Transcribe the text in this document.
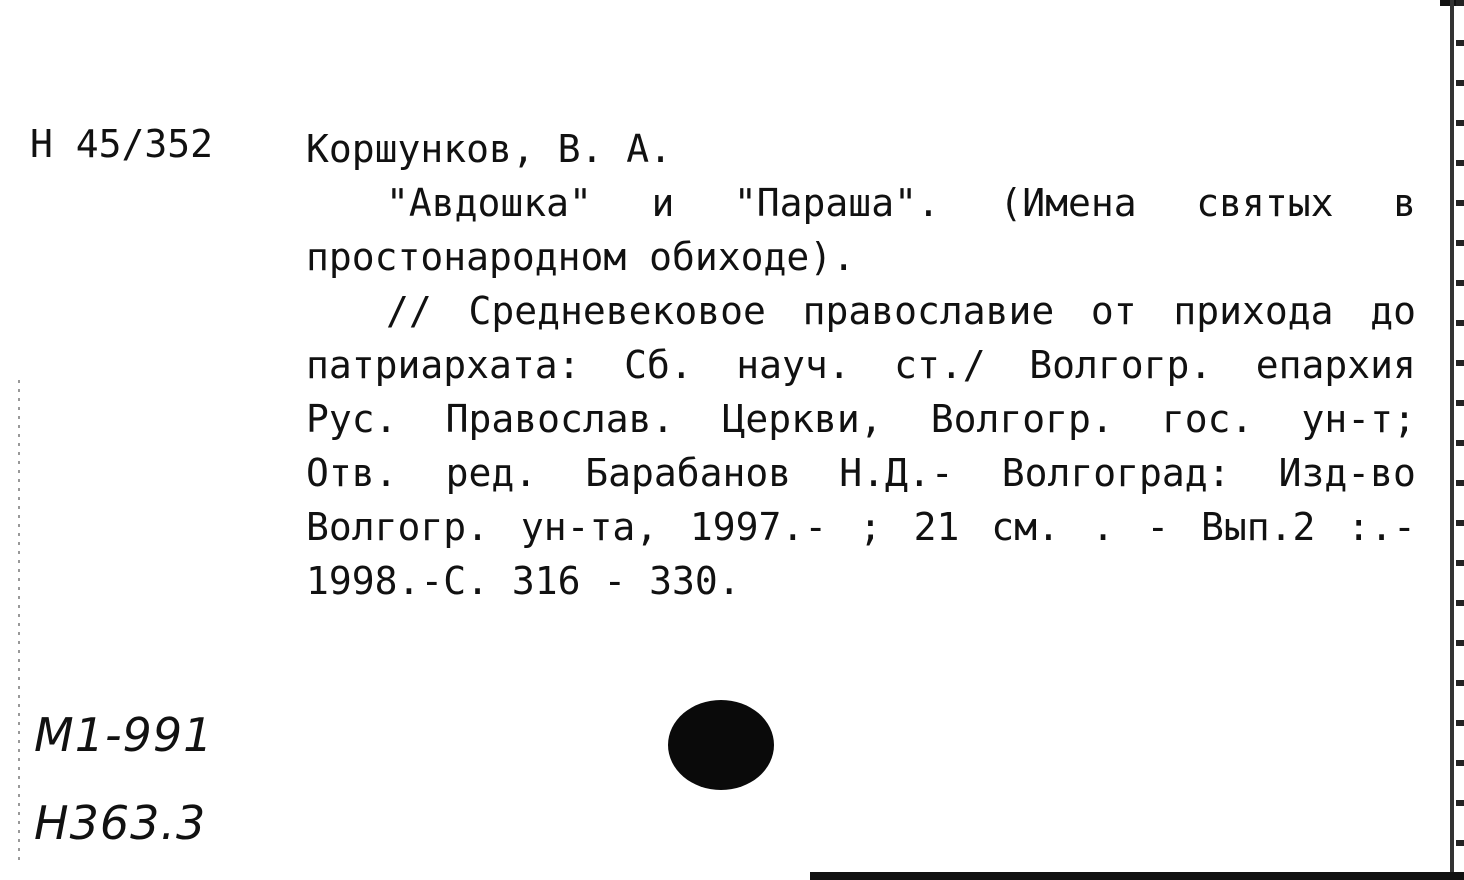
Н 45/352 Коршунков, В. А.
"Авдошка" и "Параша". (Имена святых в
простонародном обиходе).
// Средневековое православие от прихода до
патриархата: Сб. науч. ст./ Волгогр. епархия
Рус. Православ. Церкви, Волгогр. гос. ун-т;
Отв. ред. Барабанов Н.Д.- Волгоград: Изд-во
Волгогр. ун-та, 1997.- ; 21 см. . - Вып.2 :.-
1998.-С. 316 - 330.
М1-991
Н363.3
